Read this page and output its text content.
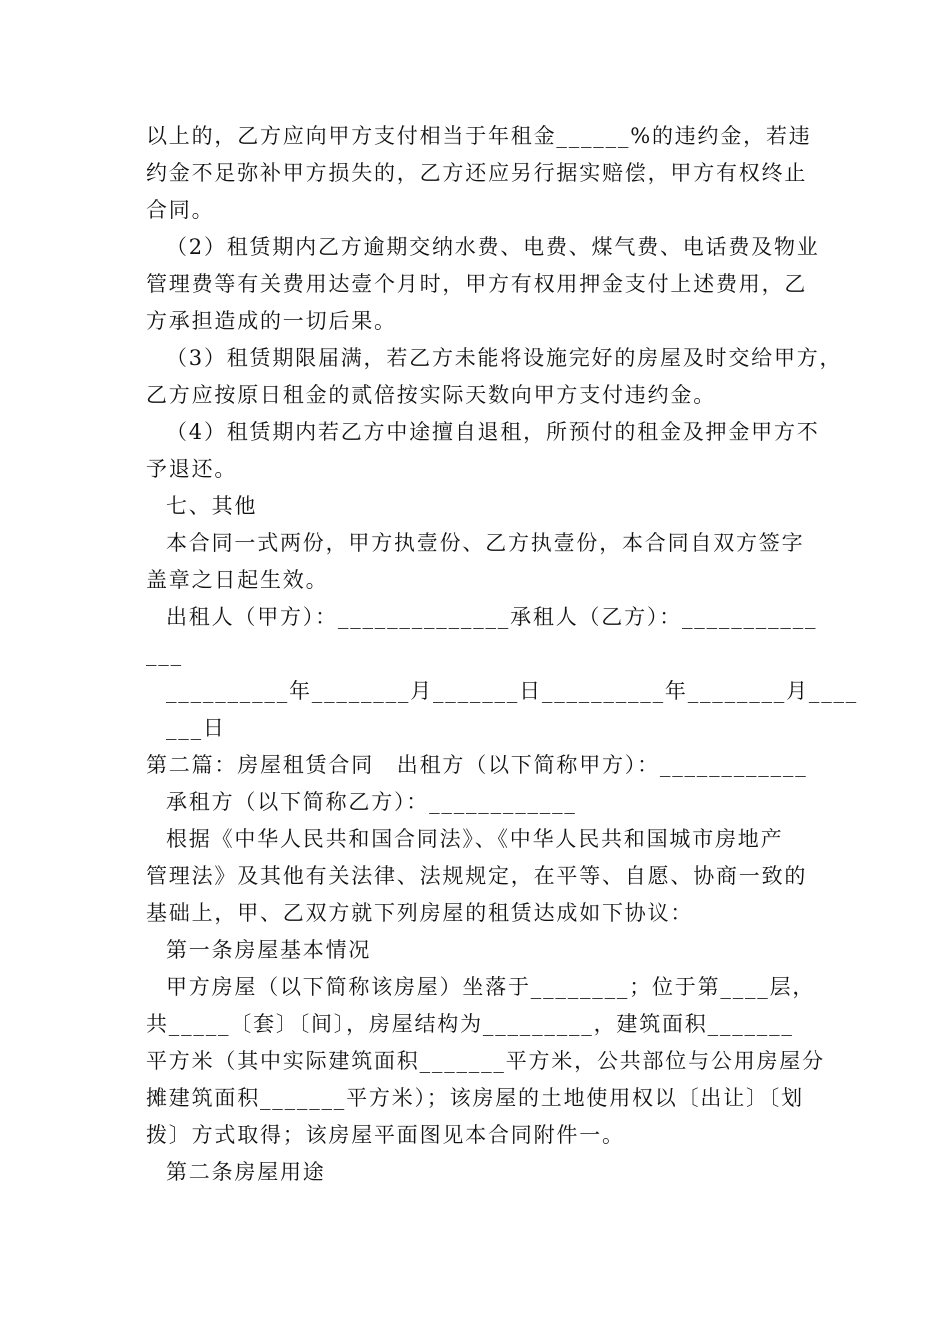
以上的，乙方应向甲方支付相当于年租金______%的违约金，若违
约金不足弥补甲方损失的，乙方还应另行据实赔偿，甲方有权终止
合同。
（2）租赁期内乙方逾期交纳水费、电费、煤气费、电话费及物业
管理费等有关费用达壹个月时，甲方有权用押金支付上述费用，乙
方承担造成的一切后果。
（3）租赁期限届满，若乙方未能将设施完好的房屋及时交给甲方，
乙方应按原日租金的贰倍按实际天数向甲方支付违约金。
（4）租赁期内若乙方中途擅自退租，所预付的租金及押金甲方不
予退还。
七、其他
本合同一式两份，甲方执壹份、乙方执壹份，本合同自双方签字
盖章之日起生效。
出租人（甲方）：______________承租人（乙方）：___________
___
__________年________月_______日__________年________月____
___日
第二篇：房屋租赁合同　出租方（以下简称甲方）：____________
承租方（以下简称乙方）：____________
根据《中华人民共和国合同法》、《中华人民共和国城市房地产
管理法》及其他有关法律、法规规定，在平等、自愿、协商一致的
基础上，甲、乙双方就下列房屋的租赁达成如下协议：
第一条房屋基本情况
甲方房屋（以下简称该房屋）坐落于________；位于第____层，
共_____〔套〕〔间〕，房屋结构为_________，建筑面积_______
平方米（其中实际建筑面积_______平方米，公共部位与公用房屋分
摊建筑面积_______平方米）；该房屋的土地使用权以〔出让〕〔划
拨〕方式取得；该房屋平面图见本合同附件一。
第二条房屋用途
